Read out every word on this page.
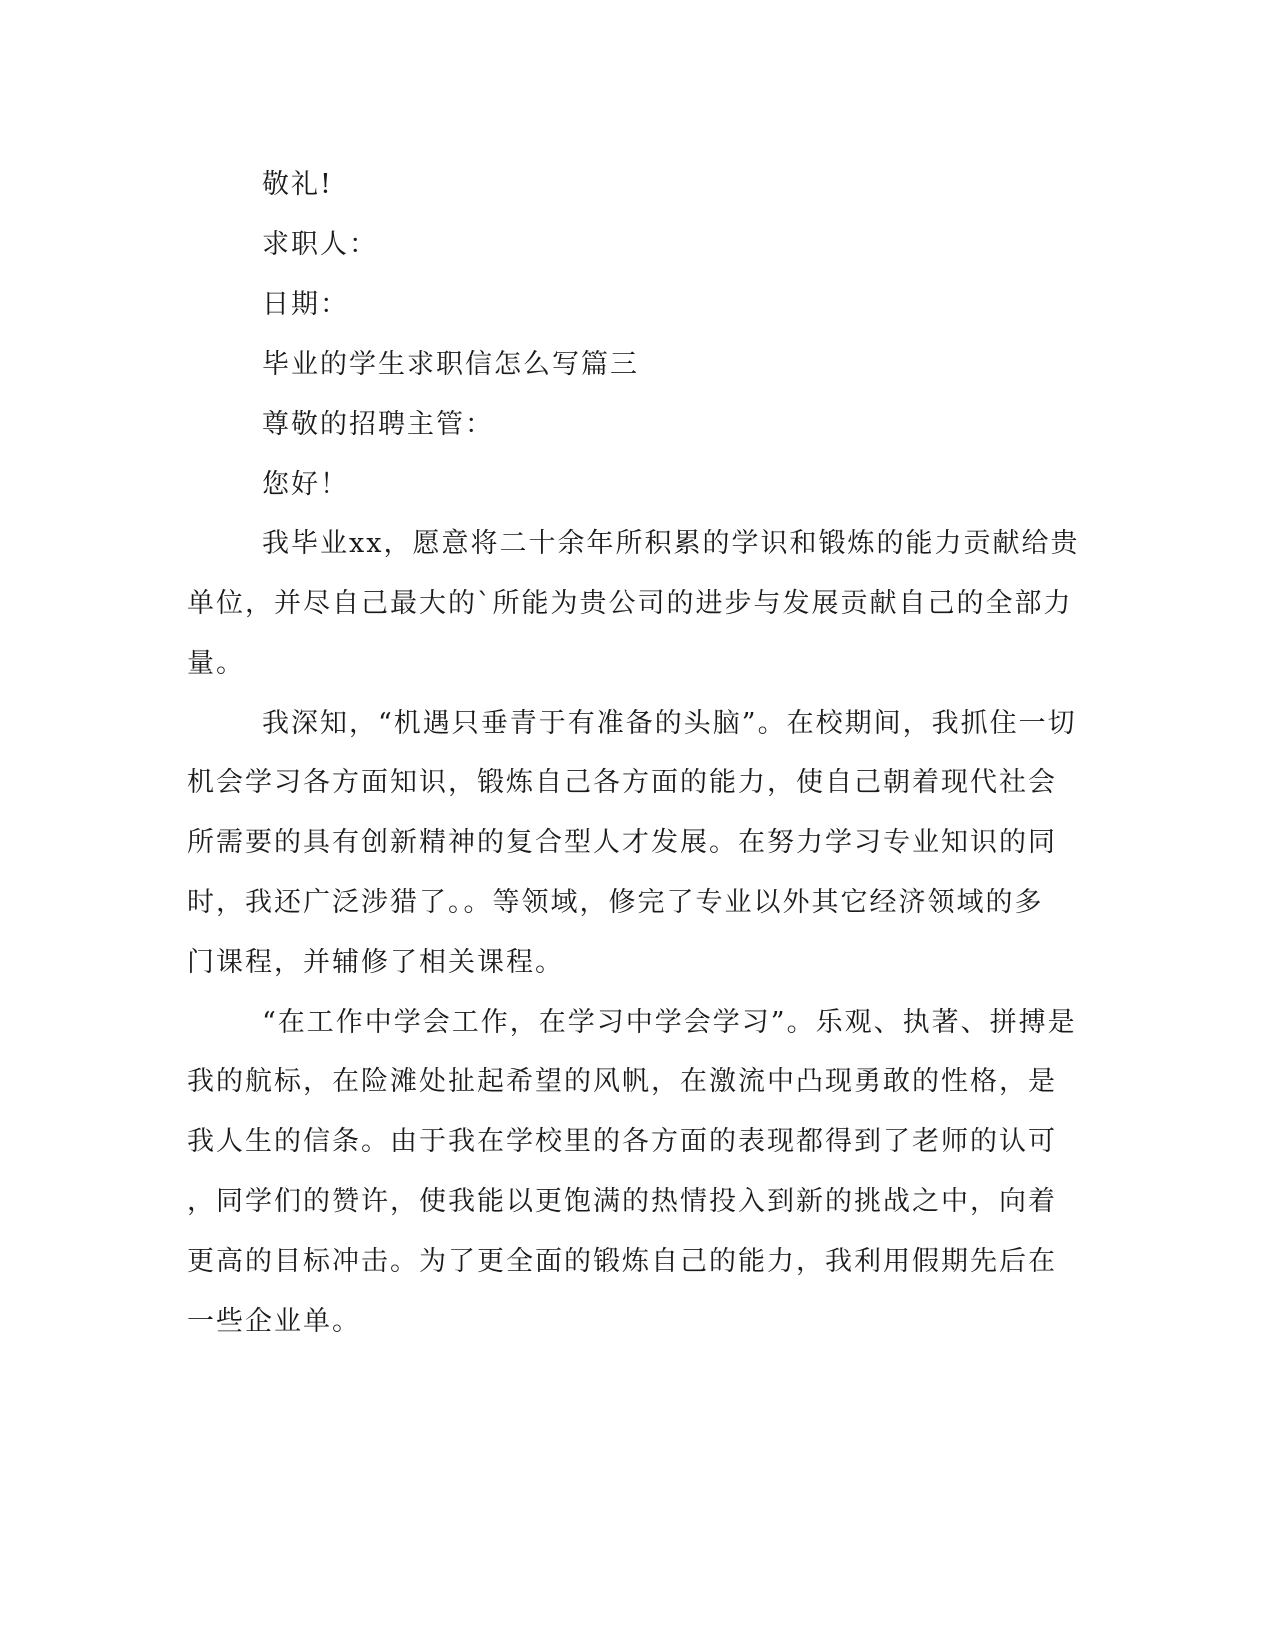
敬礼!
求职人：
日期：
毕业的学生求职信怎么写篇三
尊敬的招聘主管：
您好！
我毕业xx，愿意将二十余年所积累的学识和锻炼的能力贡献给贵
单位，并尽自己最大的`所能为贵公司的进步与发展贡献自己的全部力
量。
我深知，“机遇只垂青于有准备的头脑”。在校期间，我抓住一切
机会学习各方面知识，锻炼自己各方面的能力，使自己朝着现代社会
所需要的具有创新精神的复合型人才发展。在努力学习专业知识的同
时，我还广泛涉猎了。。等领域，修完了专业以外其它经济领域的多
门课程，并辅修了相关课程。
“在工作中学会工作，在学习中学会学习”。乐观、执著、拼搏是
我的航标，在险滩处扯起希望的风帆，在激流中凸现勇敢的性格，是
我人生的信条。由于我在学校里的各方面的表现都得到了老师的认可
，同学们的赞许，使我能以更饱满的热情投入到新的挑战之中，向着
更高的目标冲击。为了更全面的锻炼自己的能力，我利用假期先后在
一些企业单。
